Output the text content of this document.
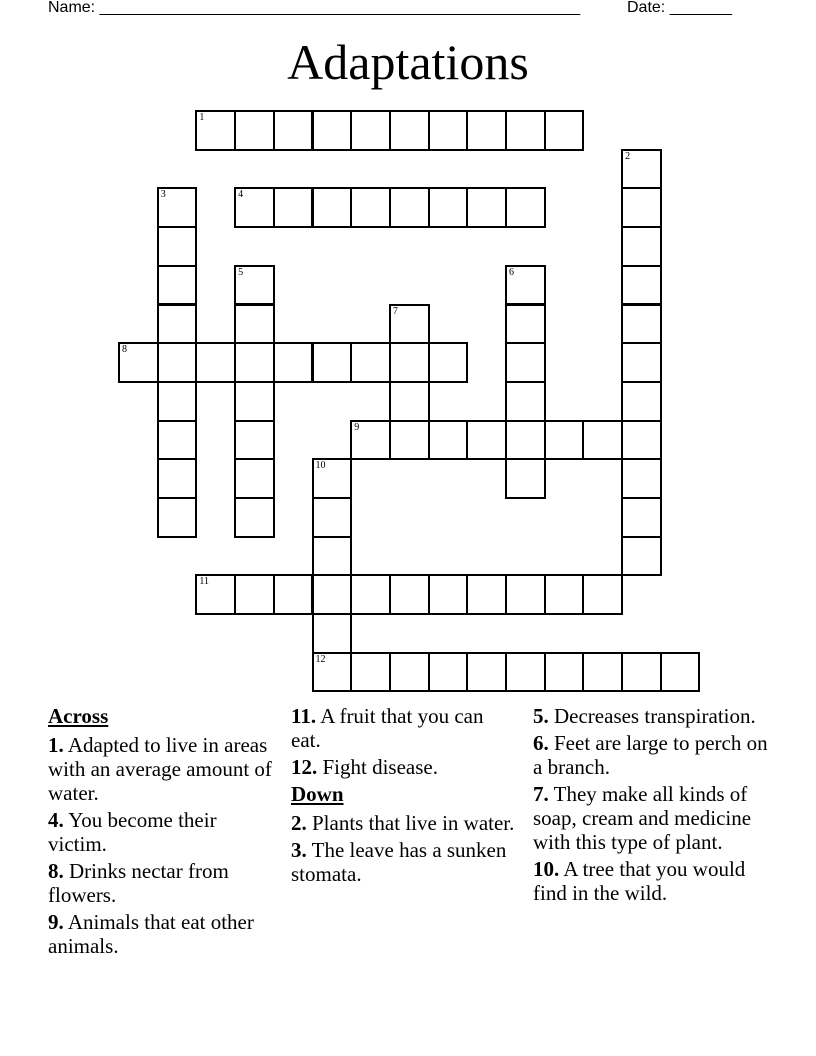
Name: ______________________________________________________	Date: _______
Adaptations
1
2
3	4
5	6
7
8
9
10
12
11
Across
1. Adapted to live in areas with an average amount of water.
4. You become their victim.
8. Drinks nectar from flowers.
9. Animals that eat other animals.
11. A fruit that you can eat.
12. Fight disease.
Down
2. Plants that live in water.
3. The leave has a sunken stomata.
5. Decreases transpiration.
6. Feet are large to perch on a branch.
7. They make all kinds of soap, cream and medicine with this type of plant.
10. A tree that you would find in the wild.
